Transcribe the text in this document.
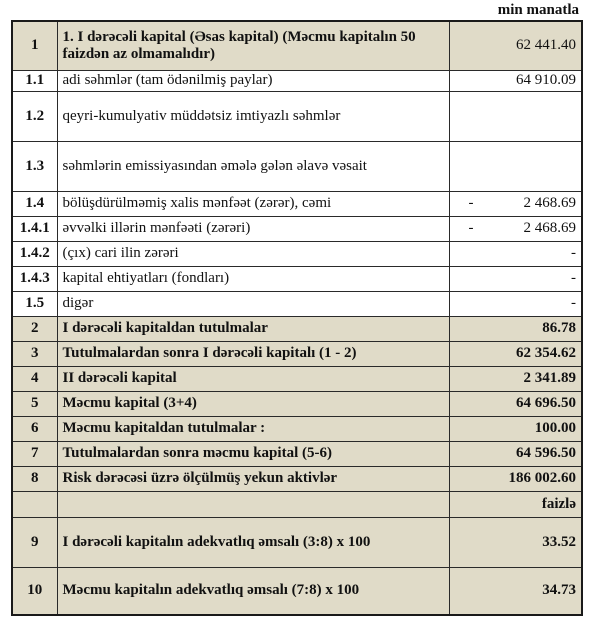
min manatla
1	1. I dərəcəli kapital (Əsas kapital) (Məcmu kapitalın 50 faizdən az olmamalıdır)	62 441.40
1.1	adi səhmlər (tam ödənilmiş paylar)	64 910.09
1.2	qeyri-kumulyativ müddətsiz imtiyazlı səhmlər	
1.3	səhmlərin emissiyasından əmələ gələn əlavə vəsait	
1.4	bölüşdürülməmiş xalis mənfəət (zərər), cəmi	- 2 468.69
1.4.1	əvvəlki illərin mənfəəti (zərəri)	- 2 468.69
1.4.2	(çıx) cari ilin zərəri	-
1.4.3	kapital ehtiyatları (fondları)	-
1.5	digər	-
2	I dərəcəli kapitaldan tutulmalar	86.78
3	Tutulmalardan sonra I dərəcəli kapitalı (1 - 2)	62 354.62
4	II dərəcəli kapital	2 341.89
5	Məcmu kapital (3+4)	64 696.50
6	Məcmu kapitaldan tutulmalar :	100.00
7	Tutulmalardan sonra məcmu kapital (5-6)	64 596.50
8	Risk dərəcəsi üzrə ölçülmüş yekun aktivlər	186 002.60
		faizlə
9	I dərəcəli kapitalın adekvatlıq əmsalı (3:8) x 100	33.52
10	Məcmu kapitalın adekvatlıq əmsalı (7:8) x 100	34.73
